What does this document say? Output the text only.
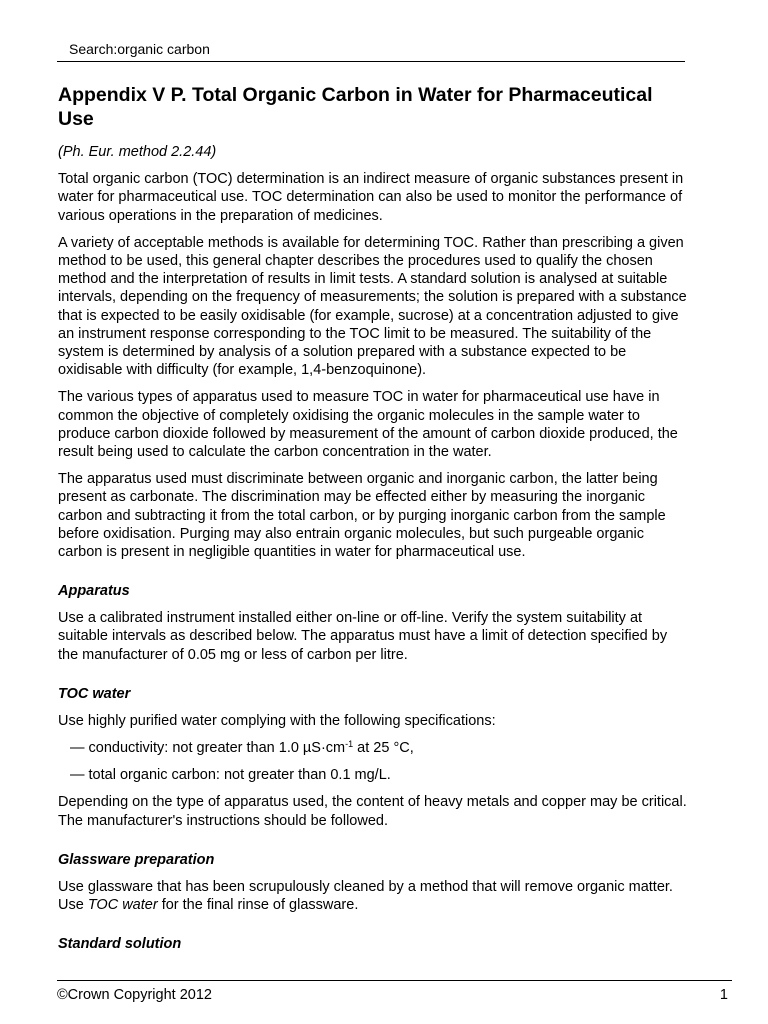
Search:organic carbon
Appendix V P. Total Organic Carbon in Water for Pharmaceutical Use

(Ph. Eur. method 2.2.44)

Total organic carbon (TOC) determination is an indirect measure of organic substances present in water for pharmaceutical use. TOC determination can also be used to monitor the performance of various operations in the preparation of medicines.

A variety of acceptable methods is available for determining TOC. Rather than prescribing a given method to be used, this general chapter describes the procedures used to qualify the chosen method and the interpretation of results in limit tests. A standard solution is analysed at suitable intervals, depending on the frequency of measurements; the solution is prepared with a substance that is expected to be easily oxidisable (for example, sucrose) at a concentration adjusted to give an instrument response corresponding to the TOC limit to be measured. The suitability of the system is determined by analysis of a solution prepared with a substance expected to be oxidisable with difficulty (for example, 1,4-benzoquinone).

The various types of apparatus used to measure TOC in water for pharmaceutical use have in common the objective of completely oxidising the organic molecules in the sample water to produce carbon dioxide followed by measurement of the amount of carbon dioxide produced, the result being used to calculate the carbon concentration in the water.

The apparatus used must discriminate between organic and inorganic carbon, the latter being present as carbonate. The discrimination may be effected either by measuring the inorganic carbon and subtracting it from the total carbon, or by purging inorganic carbon from the sample before oxidisation. Purging may also entrain organic molecules, but such purgeable organic carbon is present in negligible quantities in water for pharmaceutical use.

Apparatus

Use a calibrated instrument installed either on-line or off-line. Verify the system suitability at suitable intervals as described below. The apparatus must have a limit of detection specified by the manufacturer of 0.05 mg or less of carbon per litre.

TOC water

Use highly purified water complying with the following specifications:

— conductivity: not greater than 1.0 $\mu S\cdot cm^{-1}$ at 25 °C,

— total organic carbon: not greater than 0.1 mg/L.

Depending on the type of apparatus used, the content of heavy metals and copper may be critical. The manufacturer's instructions should be followed.

Glassware preparation

Use glassware that has been scrupulously cleaned by a method that will remove organic matter. Use TOC water for the final rinse of glassware.

Standard solution
©Crown Copyright 2012	1
